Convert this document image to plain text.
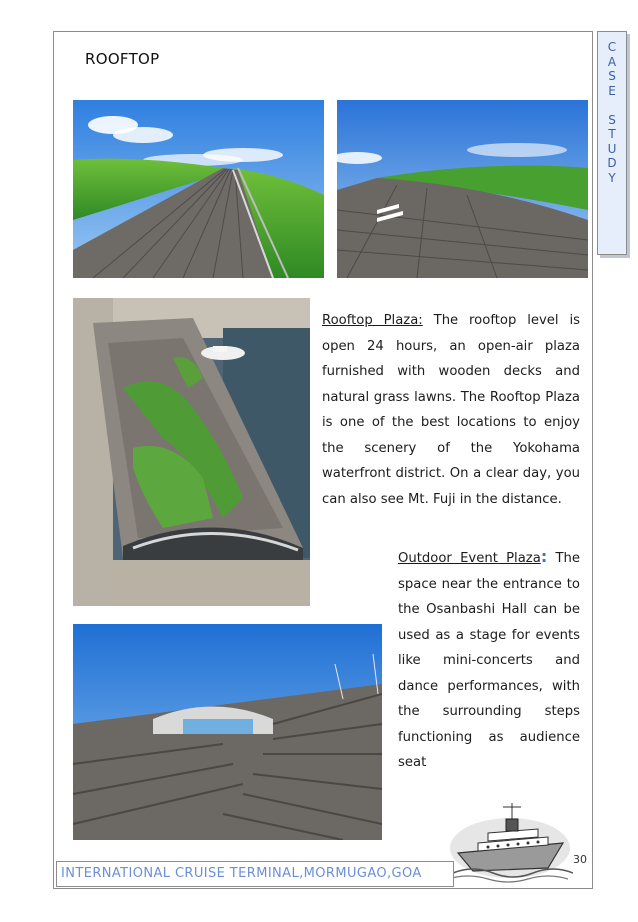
C
A
S
E

S
T
U
D
Y
ROOFTOP
Rooftop Plaza: The rooftop level is open 24 hours, an open-air plaza furnished with wooden decks and natural grass lawns. The Rooftop Plaza is one of the best locations to enjoy the scenery of the Yokohama waterfront district. On a clear day, you can also see Mt. Fuji in the distance.
Outdoor Event Plaza: The space near the entrance to the Osanbashi Hall can be used as a stage for events like mini-concerts and dance performances, with the surrounding steps functioning as audience seat
30
INTERNATIONAL CRUISE TERMINAL,MORMUGAO,GOA
